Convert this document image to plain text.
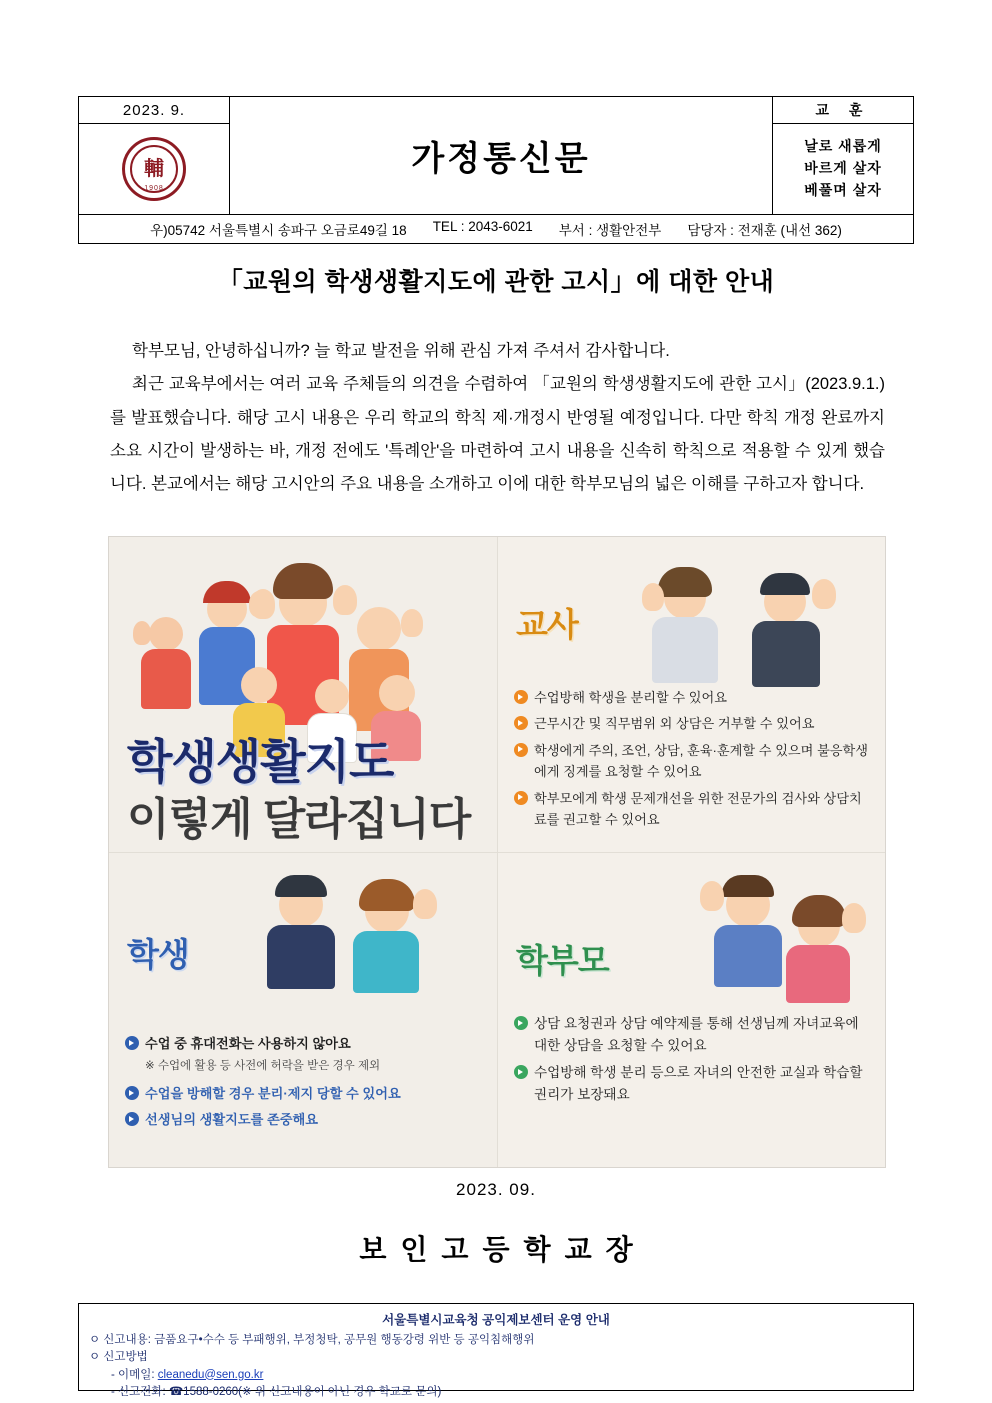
2023. 9.	가정통신문	교 훈

輔
1908

날로 새롭게
바르게 살자
베풀며 살자

우)05742 서울특별시 송파구 오금로49길 18 TEL : 2043-6021 부서 : 생활안전부 담당자 : 전재훈 (내선 362)		
「교원의 학생생활지도에 관한 고시」에 대한 안내

학부모님, 안녕하십니까? 늘 학교 발전을 위해 관심 가져 주셔서 감사합니다.

최근 교육부에서는 여러 교육 주체들의 의견을 수렴하여 「교원의 학생생활지도에 관한 고시」(2023.9.1.)를 발표했습니다. 해당 고시 내용은 우리 학교의 학칙 제·개정시 반영될 예정입니다. 다만 학칙 개정 완료까지 소요 시간이 발생하는 바, 개정 전에도 '특례안'을 마련하여 고시 내용을 신속히 학칙으로 적용할 수 있게 했습니다. 본교에서는 해당 고시안의 주요 내용을 소개하고 이에 대한 학부모님의 넓은 이해를 구하고자 합니다.

학생생활지도
이렇게 달라집니다
교사
수업방해 학생을 분리할 수 있어요
근무시간 및 직무범위 외 상담은 거부할 수 있어요
학생에게 주의, 조언, 상담, 훈육·훈계할 수 있으며 불응학생에게 징계를 요청할 수 있어요
학부모에게 학생 문제개선을 위한 전문가의 검사와 상담치료를 권고할 수 있어요
학생
수업 중 휴대전화는 사용하지 않아요
※ 수업에 활용 등 사전에 허락을 받은 경우 제외
수업을 방해할 경우 분리·제지 당할 수 있어요
선생님의 생활지도를 존중해요
학부모
상담 요청권과 상담 예약제를 통해 선생님께 자녀교육에 대한 상담을 요청할 수 있어요
수업방해 학생 분리 등으로 자녀의 안전한 교실과 학습할 권리가 보장돼요
2023. 09.
보인고등학교장
서울특별시교육청 공익제보센터 운영 안내
ㅇ 신고내용: 금품요구•수수 등 부패행위, 부정청탁, 공무원 행동강령 위반 등 공익침해행위
ㅇ 신고방법
- 이메일: cleanedu@sen.go.kr
- 신고전화: ☎1588-0260(※ 위 신고내용이 아닌 경우 학교로 문의)
